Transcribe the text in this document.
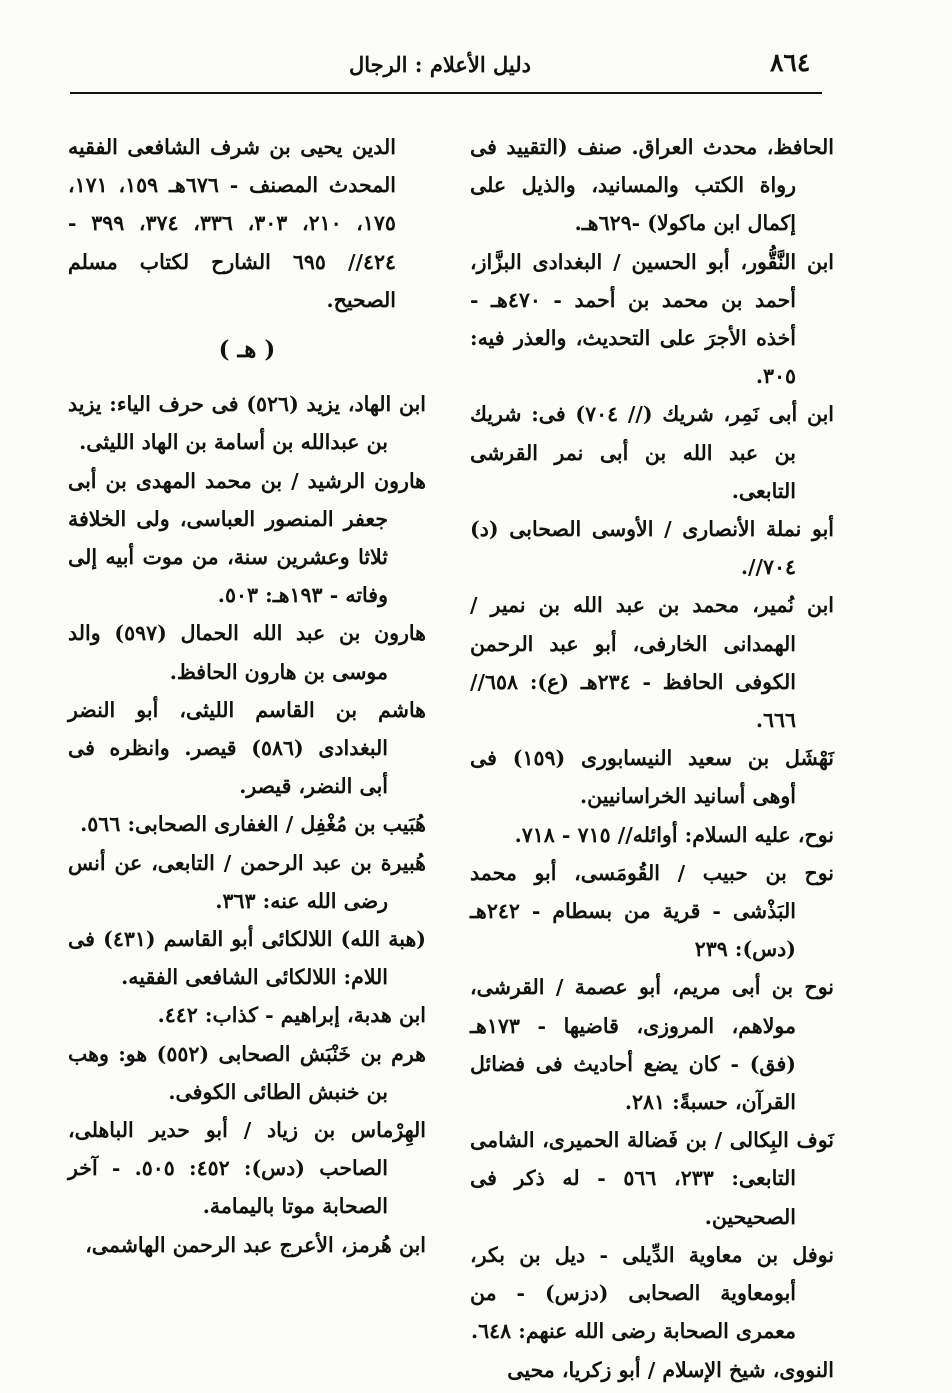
٨٦٤
دليل الأعلام : الرجال

الحافظ، محدث العراق. صنف (التقييد فى رواة الكتب والمسانيد، والذيل على إكمال ابن ماكولا) -٦٢٩هـ.

ابن النَّقُّور، أبو الحسين / البغدادى البزَّاز، أحمد بن محمد بن أحمد - ٤٧٠هـ - أخذه الأجرَ على التحديث، والعذر فيه: ٣٠٥.

ابن أبى نَمِر، شريك (// ٧٠٤) فى: شريك بن عبد الله بن أبى نمر القرشى التابعى.

أبو نملة الأنصارى / الأوسى الصحابى (د) ٧٠٤//.

ابن نُمير، محمد بن عبد الله بن نمير / الهمدانى الخارفى، أبو عبد الرحمن الكوفى الحافظ - ٢٣٤هـ (ع): ٦٥٨// ٦٦٦.

نَهْشَل بن سعيد النيسابورى (١٥٩) فى أوهى أسانيد الخراسانيين.

نوح، عليه السلام: أوائله// ٧١٥ - ٧١٨.

نوح بن حبيب / القُومَسى، أبو محمد البَذْشى - قرية من بسطام - ٢٤٢هـ (دس): ٢٣٩

نوح بن أبى مريم، أبو عصمة / القرشى، مولاهم، المروزى، قاضيها - ١٧٣هـ (فق) - كان يضع أحاديث فى فضائل القرآن، حسبةً: ٢٨١.

نَوف البِكالى / بن فَضالة الحميرى، الشامى التابعى: ٢٣٣، ٥٦٦ - له ذكر فى الصحيحين.

نوفل بن معاوية الدِّيلى - ديل بن بكر، أبومعاوية الصحابى (دزس) - من معمرى الصحابة رضى الله عنهم: ٦٤٨.

النووى، شيخ الإسلام / أبو زكريا، محيى

الدين يحيى بن شرف الشافعى الفقيه المحدث المصنف - ٦٧٦هـ ١٥٩، ١٧١، ١٧٥، ٢١٠، ٣٠٣، ٣٣٦، ٣٧٤، ٣٩٩ - ٤٢٤// ٦٩٥ الشارح لكتاب مسلم الصحيح.

( هـ )

ابن الهاد، يزيد (٥٢٦) فى حرف الياء: يزيد بن عبدالله بن أسامة بن الهاد الليثى.

هارون الرشيد / بن محمد المهدى بن أبى جعفر المنصور العباسى، ولى الخلافة ثلاثا وعشرين سنة، من موت أبيه إلى وفاته - ١٩٣هـ: ٥٠٣.

هارون بن عبد الله الحمال (٥٩٧) والد موسى بن هارون الحافظ.

هاشم بن القاسم الليثى، أبو النضر البغدادى (٥٨٦) قيصر. وانظره فى أبى النضر، قيصر.

هُبَيب بن مُغْفِل / الغفارى الصحابى: ٥٦٦.

هُبيرة بن عبد الرحمن / التابعى، عن أنس رضى الله عنه: ٣٦٣.

(هبة الله) اللالكائى أبو القاسم (٤٣١) فى اللام: اللالكائى الشافعى الفقيه.

ابن هدبة، إبراهيم - كذاب: ٤٤٢.

هرم بن خَنْبَش الصحابى (٥٥٢) هو: وهب بن خنبش الطائى الكوفى.

الهِرْماس بن زياد / أبو حدير الباهلى، الصاحب (دس): ٤٥٢: ٥٠٥. - آخر الصحابة موتا باليمامة.

ابن هُرمز، الأعرج عبد الرحمن الهاشمى،
